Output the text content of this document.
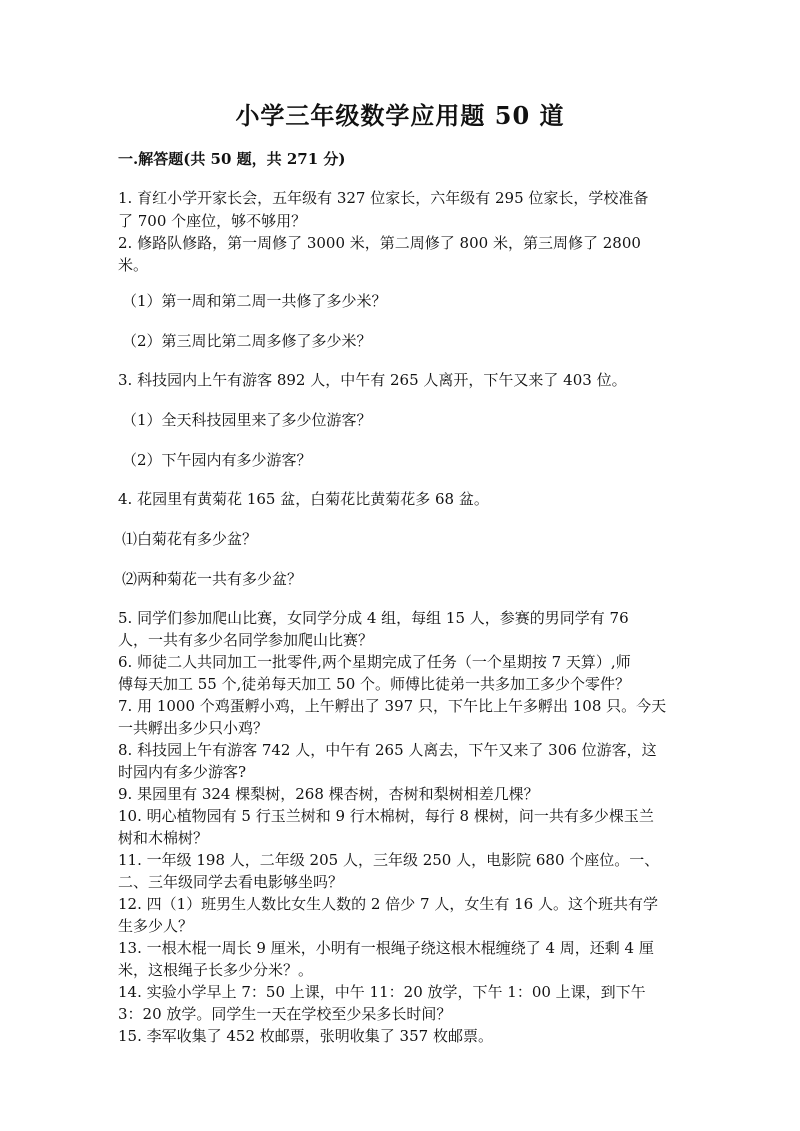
小学三年级数学应用题 50 道
一.解答题(共 50 题，共 271 分)
1. 育红小学开家长会，五年级有 327 位家长，六年级有 295 位家长，学校准备
了 700 个座位，够不够用？
2. 修路队修路，第一周修了 3000 米，第二周修了 800 米，第三周修了 2800
米。
（1）第一周和第二周一共修了多少米？
（2）第三周比第二周多修了多少米？
3. 科技园内上午有游客 892 人，中午有 265 人离开，下午又来了 403 位。
（1）全天科技园里来了多少位游客？
（2）下午园内有多少游客？
4. 花园里有黄菊花 165 盆，白菊花比黄菊花多 68 盆。
⑴白菊花有多少盆？
⑵两种菊花一共有多少盆？
5. 同学们参加爬山比赛，女同学分成 4 组，每组 15 人，参赛的男同学有 76
人，一共有多少名同学参加爬山比赛？
6. 师徒二人共同加工一批零件,两个星期完成了任务（一个星期按 7 天算）,师
傅每天加工 55 个,徒弟每天加工 50 个。师傅比徒弟一共多加工多少个零件？
7. 用 1000 个鸡蛋孵小鸡，上午孵出了 397 只，下午比上午多孵出 108 只。今天
一共孵出多少只小鸡？
8. 科技园上午有游客 742 人，中午有 265 人离去，下午又来了 306 位游客，这
时园内有多少游客?
9. 果园里有 324 棵梨树，268 棵杏树，杏树和梨树相差几棵？
10. 明心植物园有 5 行玉兰树和 9 行木棉树，每行 8 棵树，问一共有多少棵玉兰
树和木棉树？
11. 一年级 198 人，二年级 205 人，三年级 250 人，电影院 680 个座位。一、
二、三年级同学去看电影够坐吗？
12. 四（1）班男生人数比女生人数的 2 倍少 7 人，女生有 16 人。这个班共有学
生多少人？
13. 一根木棍一周长 9 厘米，小明有一根绳子绕这根木棍缠绕了 4 周，还剩 4 厘
米，这根绳子长多少分米？。
14. 实验小学早上 7：50 上课，中午 11：20 放学，下午 1：00 上课，到下午
3：20 放学。同学生一天在学校至少呆多长时间？
15. 李军收集了 452 枚邮票，张明收集了 357 枚邮票。
